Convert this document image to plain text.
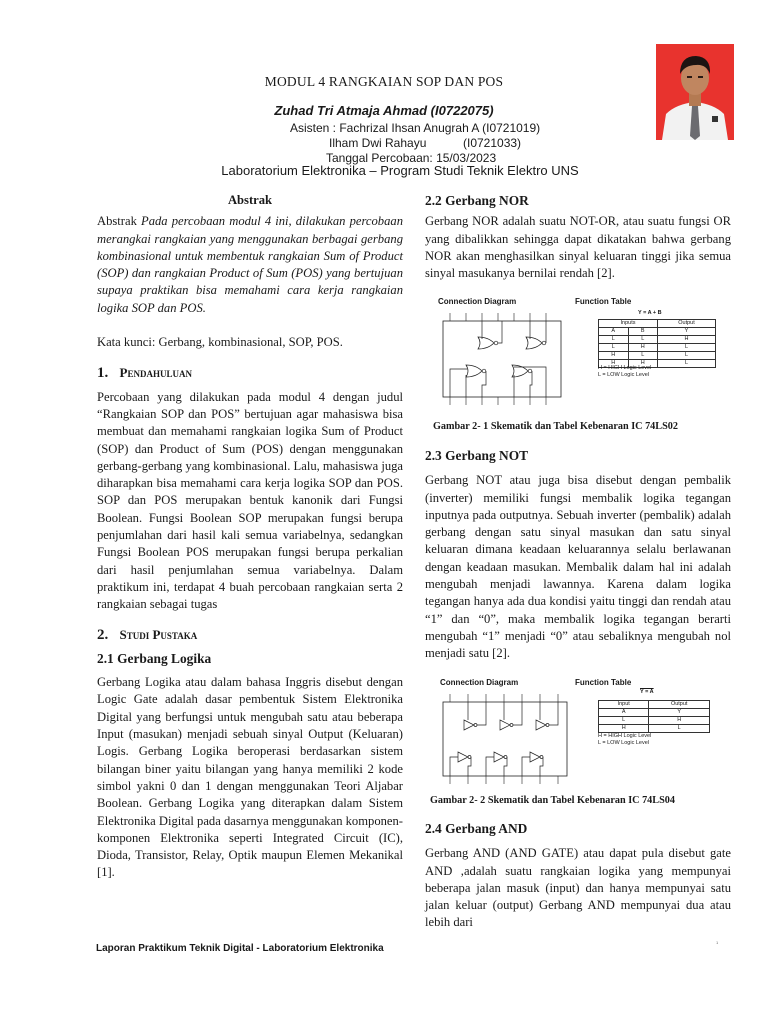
MODUL 4 RANGKAIAN SOP DAN POS
Zuhad Tri Atmaja Ahmad (I0722075)
Asisten : Fachrizal Ihsan Anugrah A (I0721019)
Ilham Dwi Rahayu	(I0721033)
Tanggal Percobaan: 15/03/2023
Laboratorium Elektronika – Program Studi Teknik Elektro UNS
Abstrak

Abstrak Pada percobaan modul 4 ini, dilakukan percobaan merangkai rangkaian yang menggunakan berbagai gerbang kombinasional untuk membentuk rangkaian Sum of Product (SOP) dan rangkaian Product of Sum (POS) yang bertujuan supaya praktikan bisa memahami cara kerja rangkaian logika SOP dan POS.

Kata kunci: Gerbang, kombinasional, SOP, POS.

1. Pendahuluan

Percobaan yang dilakukan pada modul 4 dengan judul “Rangkaian SOP dan POS” bertujuan agar mahasiswa bisa membuat dan memahami rangkaian logika Sum of Product (SOP) dan Product of Sum (POS) dengan menggunakan gerbang-gerbang yang kombinasional. Lalu, mahasiswa juga diharapkan bisa memahami cara kerja logika SOP dan POS. SOP dan POS merupakan bentuk kanonik dari Fungsi Boolean. Fungsi Boolean SOP merupakan fungsi berupa penjumlahan dari hasil kali semua variabelnya, sedangkan Fungsi Boolean POS merupakan fungsi berupa perkalian dari hasil penjumlahan semua variabelnya. Dalam praktikum ini, terdapat 4 buah percobaan rangkaian serta 2 rangkaian sebagai tugas

2. Studi Pustaka
2.1 Gerbang Logika

Gerbang Logika atau dalam bahasa Inggris disebut dengan Logic Gate adalah dasar pembentuk Sistem Elektronika Digital yang berfungsi untuk mengubah satu atau beberapa Input (masukan) menjadi sebuah sinyal Output (Keluaran) Logis. Gerbang Logika beroperasi berdasarkan sistem bilangan biner yaitu bilangan yang hanya memiliki 2 kode simbol yakni 0 dan 1 dengan menggunakan Teori Aljabar Boolean. Gerbang Logika yang diterapkan dalam Sistem Elektronika Digital pada dasarnya menggunakan komponen-komponen Elektronika seperti Integrated Circuit (IC), Dioda, Transistor, Relay, Optik maupun Elemen Mekanikal [1].

2.2 Gerbang NOR

Gerbang NOR adalah suatu NOT-OR, atau suatu fungsi OR yang dibalikkan sehingga dapat dikatakan bahwa gerbang NOR akan menghasilkan sinyal keluaran tinggi jika semua sinyal masukanya bernilai rendah [2].

Connection Diagram	Function Table
Y = A + B
Inputs		Output
A	B	Y
L	L	H
L	H	L
H	L	L
H	H	L
H = HIGH Logic Level
L = LOW Logic Level
Gambar 2- 1 Skematik dan Tabel Kebenaran IC 74LS02
2.3 Gerbang NOT

Gerbang NOT atau juga bisa disebut dengan pembalik (inverter) memiliki fungsi membalik logika tegangan inputnya pada outputnya. Sebuah inverter (pembalik) adalah gerbang dengan satu sinyal masukan dan satu sinyal keluaran dimana keadaan keluarannya selalu berlawanan dengan keadaan masukan. Membalik dalam hal ini adalah mengubah menjadi lawannya. Karena dalam logika tegangan hanya ada dua kondisi yaitu tinggi dan rendah atau “1” dan “0”, maka membalik logika tegangan berarti mengubah “1” menjadi “0” atau sebaliknya mengubah nol menjadi satu [2].

Connection Diagram	Function Table
Y = A
Input	Output
A	Y
L	H
H	L
H = HIGH Logic Level
L = LOW Logic Level
Gambar 2- 2 Skematik dan Tabel Kebenaran IC 74LS04
2.4 Gerbang AND

Gerbang AND (AND GATE) atau dapat pula disebut gate AND ,adalah suatu rangkaian logika yang mempunyai beberapa jalan masuk (input) dan hanya mempunyai satu jalan keluar (output) Gerbang AND mempunyai dua atau lebih dari

Laporan Praktikum Teknik Digital - Laboratorium Elektronika
1
